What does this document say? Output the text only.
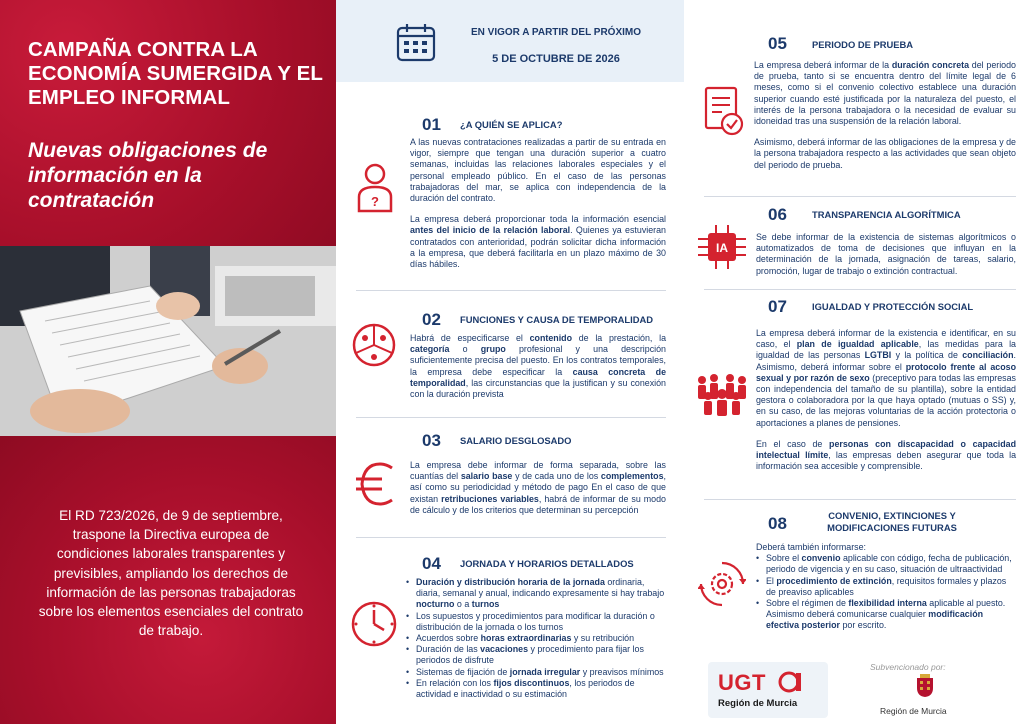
CAMPAÑA CONTRA LA ECONOMÍA SUMERGIDA Y EL EMPLEO INFORMAL
Nuevas obligaciones de información en la contratación
El RD 723/2026, de 9 de septiembre, traspone la Directiva europea de condiciones laborales transparentes y previsibles, ampliando los derechos de información de las personas trabajadoras sobre los elementos esenciales del contrato de trabajo.
EN VIGOR A PARTIR DEL PRÓXIMO
5 DE OCTUBRE DE 2026
?
01 ¿A QUIÉN SE APLICA?
A las nuevas contrataciones realizadas a partir de su entrada en vigor, siempre que tengan una duración superior a cuatro semanas, incluidas las relaciones laborales especiales y el personal empleado público. En el caso de las personas trabajadoras del mar, se aplica con independencia de la duración del contrato.
La empresa deberá proporcionar toda la información esencial antes del inicio de la relación laboral. Quienes ya estuvieran contratados con anterioridad, podrán solicitar dicha información a la empresa, que deberá facilitarla en un plazo máximo de 30 días hábiles.
02 FUNCIONES Y CAUSA DE TEMPORALIDAD
Habrá de especificarse el contenido de la prestación, la categoría o grupo profesional y una descripción suficientemente precisa del puesto. En los contratos temporales, la empresa debe especificar la causa concreta de temporalidad, las circunstancias que la justifican y su conexión con la duración prevista
03 SALARIO DESGLOSADO
La empresa debe informar de forma separada, sobre las cuantías del salario base y de cada uno de los complementos, así como su periodicidad y método de pago En el caso de que existan retribuciones variables, habrá de informar de su modo de cálculo y de los criterios que determinan su percepción
04 JORNADA Y HORARIOS DETALLADOS
• Duración y distribución horaria de la jornada ordinaria, diaria, semanal y anual, indicando expresamente si hay trabajo nocturno o a turnos
• Los supuestos y procedimientos para modificar la duración o distribución de la jornada o los turnos
• Acuerdos sobre horas extraordinarias y su retribución
• Duración de las vacaciones y procedimiento para fijar los periodos de disfrute
• Sistemas de fijación de jornada irregular y preavisos mínimos
• En relación con los fijos discontinuos, los periodos de actividad e inactividad o su estimación
05	PERIODO DE PRUEBA
La empresa deberá informar de la duración concreta del periodo de prueba, tanto si se encuentra dentro del límite legal de 6 meses, como si el convenio colectivo establece una duración superior cuando esté justificada por la naturaleza del puesto, el interés de la persona trabajadora o la necesidad de evaluar su idoneidad tras una suspensión de la relación laboral.
Asimismo, deberá informar de las obligaciones de la empresa y de la persona trabajadora respecto a las actividades que sean objeto del periodo de prueba.
IA
06	TRANSPARENCIA ALGORÍTMICA
Se debe informar de la existencia de sistemas algorítmicos o automatizados de toma de decisiones que influyan en la determinación de la jornada, asignación de tareas, salario, promoción, lugar de trabajo o extinción contractual.
07	IGUALDAD Y PROTECCIÓN SOCIAL
La empresa deberá informar de la existencia e identificar, en su caso, el plan de igualdad aplicable, las medidas para la igualdad de las personas LGTBI y la política de conciliación. Asimismo, deberá informar sobre el protocolo frente al acoso sexual y por razón de sexo (preceptivo para todas las empresas con independencia del tamaño de su plantilla), sobre la entidad gestora o colaboradora por la que haya optado (mutuas o SS) y, en su caso, de las mejoras voluntarias de la acción protectoria o aportaciones a planes de pensiones.
En el caso de personas con discapacidad o capacidad intelectual límite, las empresas deben asegurar que toda la información sea accesible y comprensible.
08	CONVENIO, EXTINCIONES Y MODIFICACIONES FUTURAS
Deberá también informarse:
• Sobre el convenio aplicable con código, fecha de publicación, periodo de vigencia y en su caso, situación de ultraactividad
• El procedimiento de extinción, requisitos formales y plazos de preaviso aplicables
• Sobre el régimen de flexibilidad interna aplicable al puesto. Asimismo deberá comunicarse cualquier modificación efectiva posterior por escrito.
UGT
Región de Murcia
Subvencionado por:
Región de Murcia
